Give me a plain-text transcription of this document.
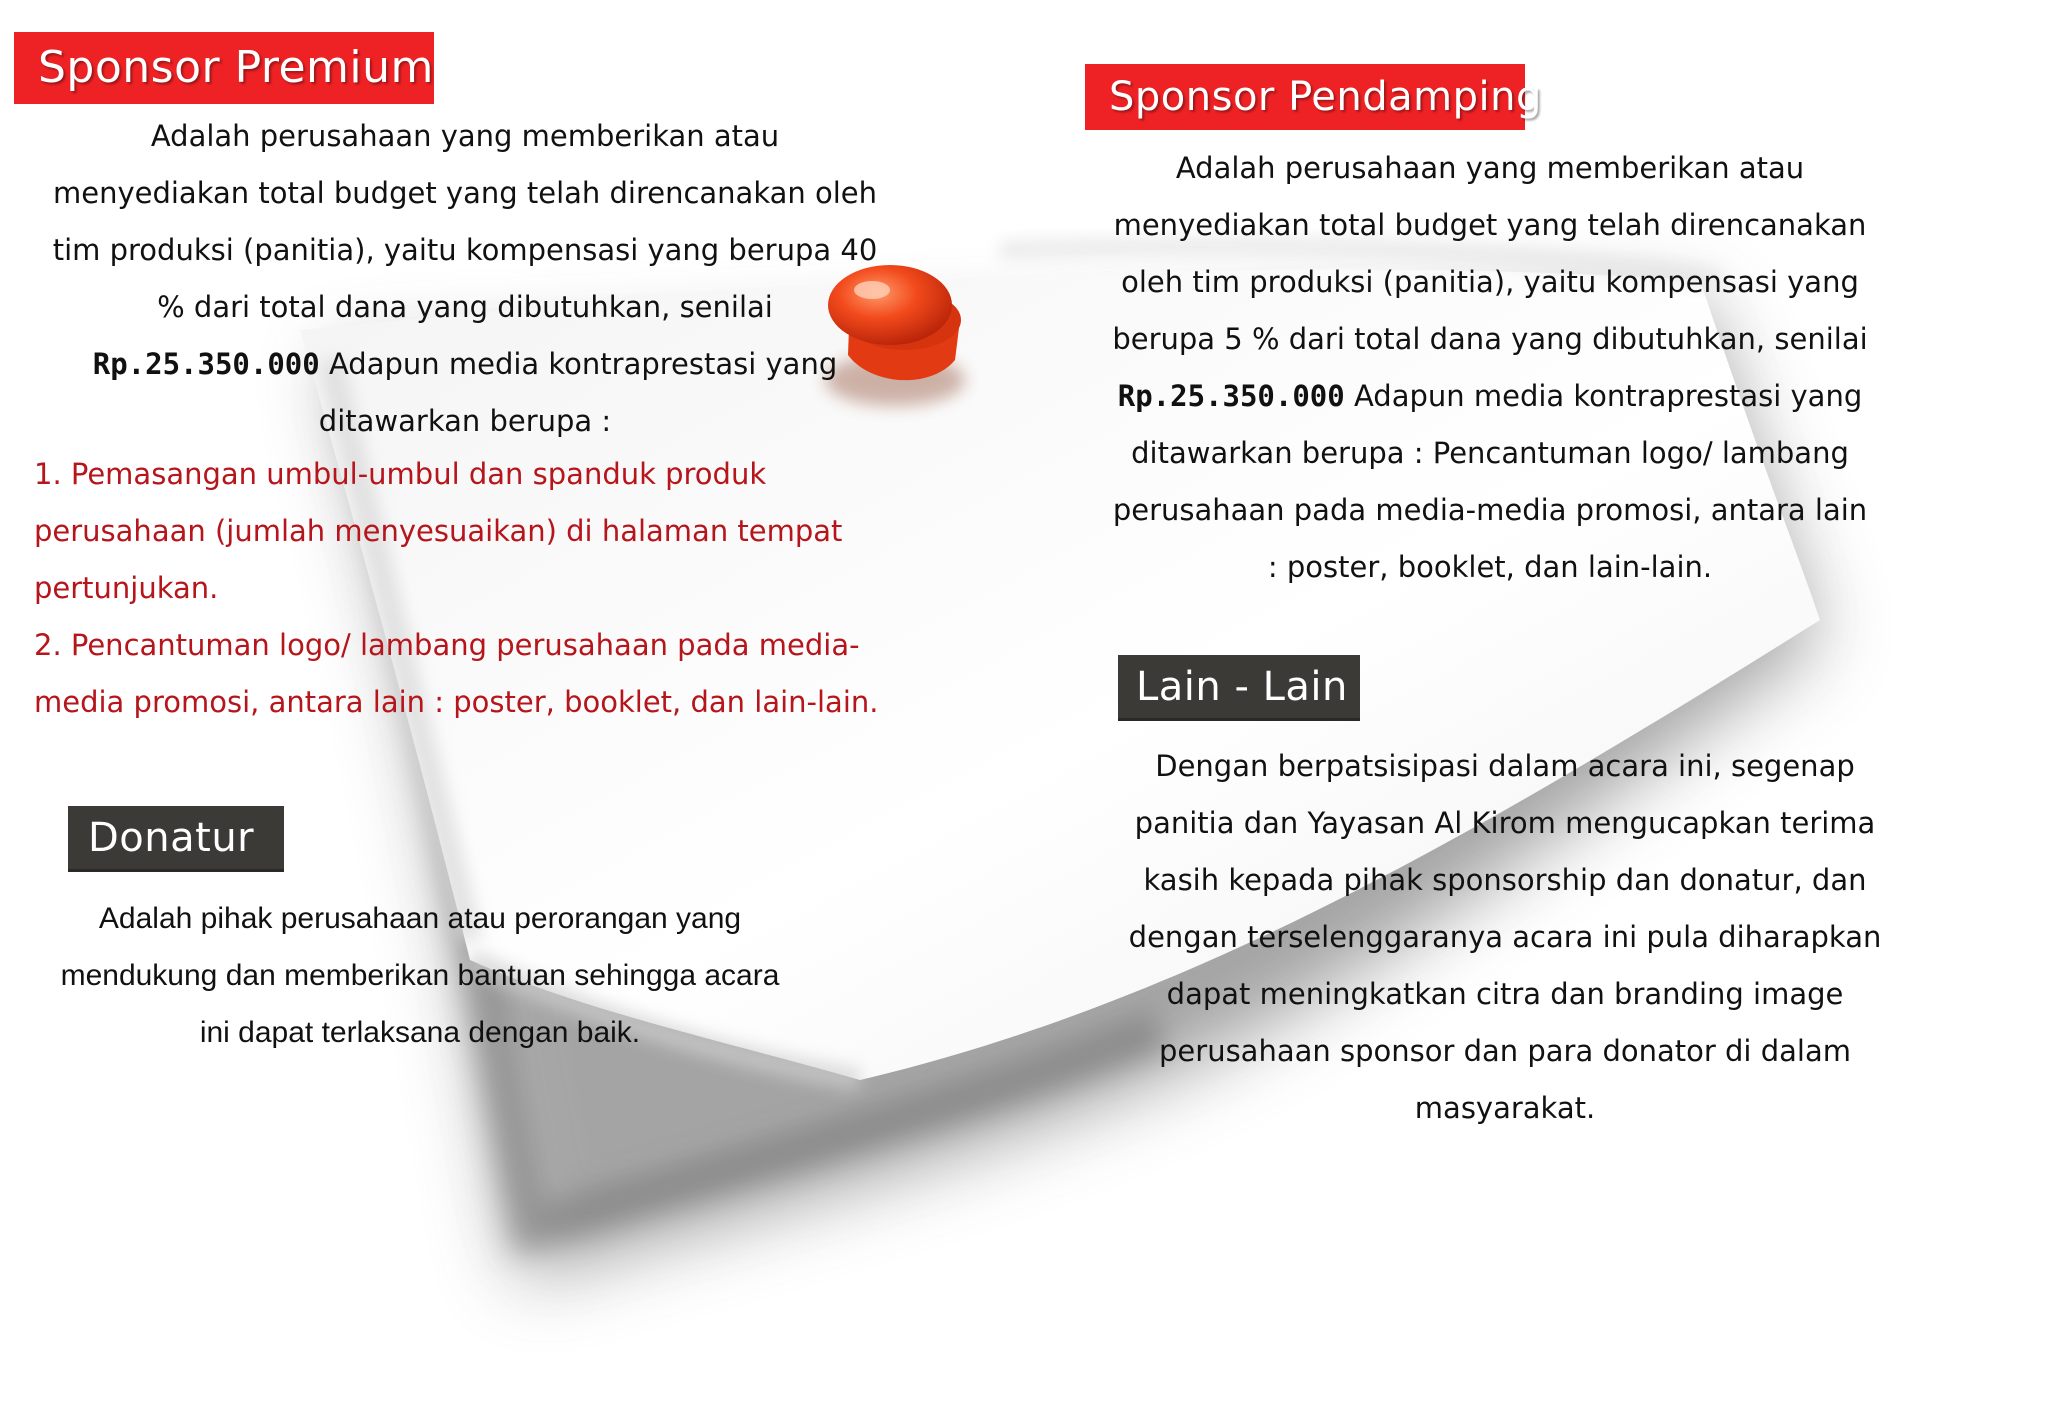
Sponsor Premium

Adalah perusahaan yang memberikan atau menyediakan total budget yang telah direncanakan oleh tim produksi (panitia), yaitu kompensasi yang berupa 40 % dari total dana yang dibutuhkan, senilai Rp.25.350.000 Adapun media kontraprestasi yang ditawarkan berupa :

1. Pemasangan umbul-umbul dan spanduk produk perusahaan (jumlah menyesuaikan) di halaman tempat pertunjukan.
2. Pencantuman logo/ lambang perusahaan pada media-media promosi, antara lain : poster, booklet, dan lain-lain.
Sponsor Pendamping

Adalah perusahaan yang memberikan atau menyediakan total budget yang telah direncanakan oleh tim produksi (panitia), yaitu kompensasi yang berupa 5 % dari total dana yang dibutuhkan, senilai Rp.25.350.000 Adapun media kontraprestasi yang ditawarkan berupa : Pencantuman logo/ lambang perusahaan pada media-media promosi, antara lain : poster, booklet, dan lain-lain.

Donatur

Adalah pihak perusahaan atau perorangan yang mendukung dan memberikan bantuan sehingga acara ini dapat terlaksana dengan baik.

Lain - Lain

Dengan berpatsisipasi dalam acara ini, segenap panitia dan Yayasan Al Kirom mengucapkan terima kasih kepada pihak sponsorship dan donatur, dan dengan terselenggaranya acara ini pula diharapkan dapat meningkatkan citra dan branding image perusahaan sponsor dan para donator di dalam masyarakat.
